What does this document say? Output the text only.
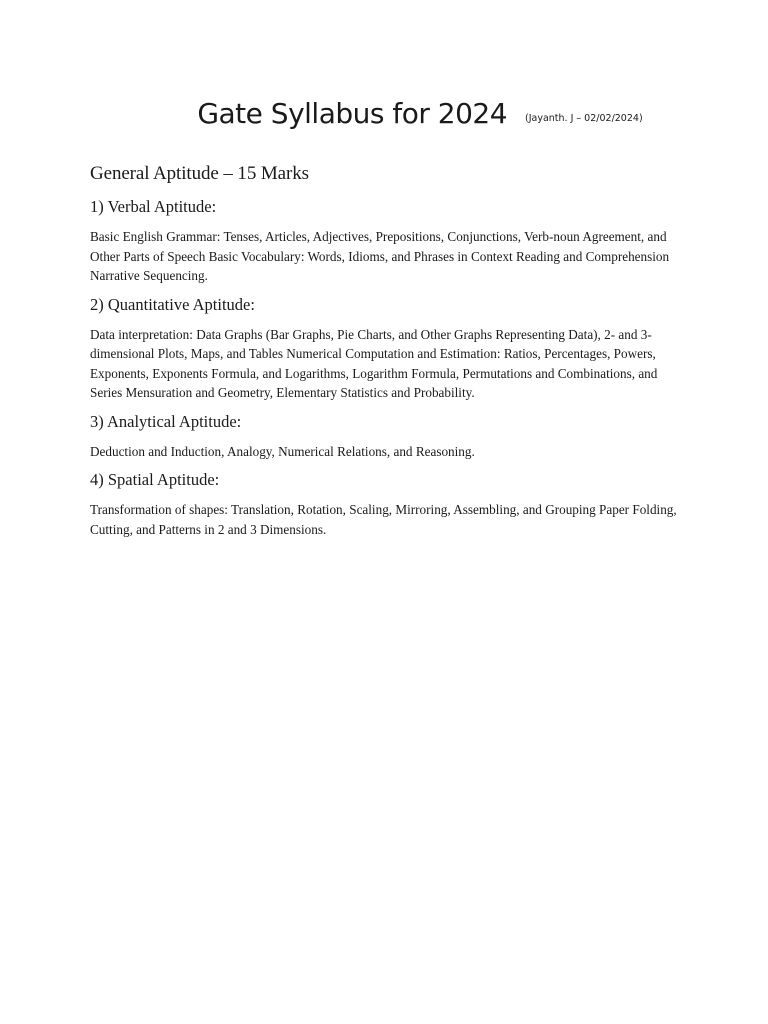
Gate Syllabus for 2024 (Jayanth. J – 02/02/2024)
General Aptitude – 15 Marks
1) Verbal Aptitude:

Basic English Grammar: Tenses, Articles, Adjectives, Prepositions, Conjunctions, Verb-noun Agreement, and Other Parts of Speech Basic Vocabulary: Words, Idioms, and Phrases in Context Reading and Comprehension Narrative Sequencing.

2) Quantitative Aptitude:

Data interpretation: Data Graphs (Bar Graphs, Pie Charts, and Other Graphs Representing Data), 2- and 3-dimensional Plots, Maps, and Tables Numerical Computation and Estimation: Ratios, Percentages, Powers, Exponents, Exponents Formula, and Logarithms, Logarithm Formula, Permutations and Combinations, and Series Mensuration and Geometry, Elementary Statistics and Probability.

3) Analytical Aptitude:

Deduction and Induction, Analogy, Numerical Relations, and Reasoning.

4) Spatial Aptitude:

Transformation of shapes: Translation, Rotation, Scaling, Mirroring, Assembling, and Grouping Paper Folding, Cutting, and Patterns in 2 and 3 Dimensions.
